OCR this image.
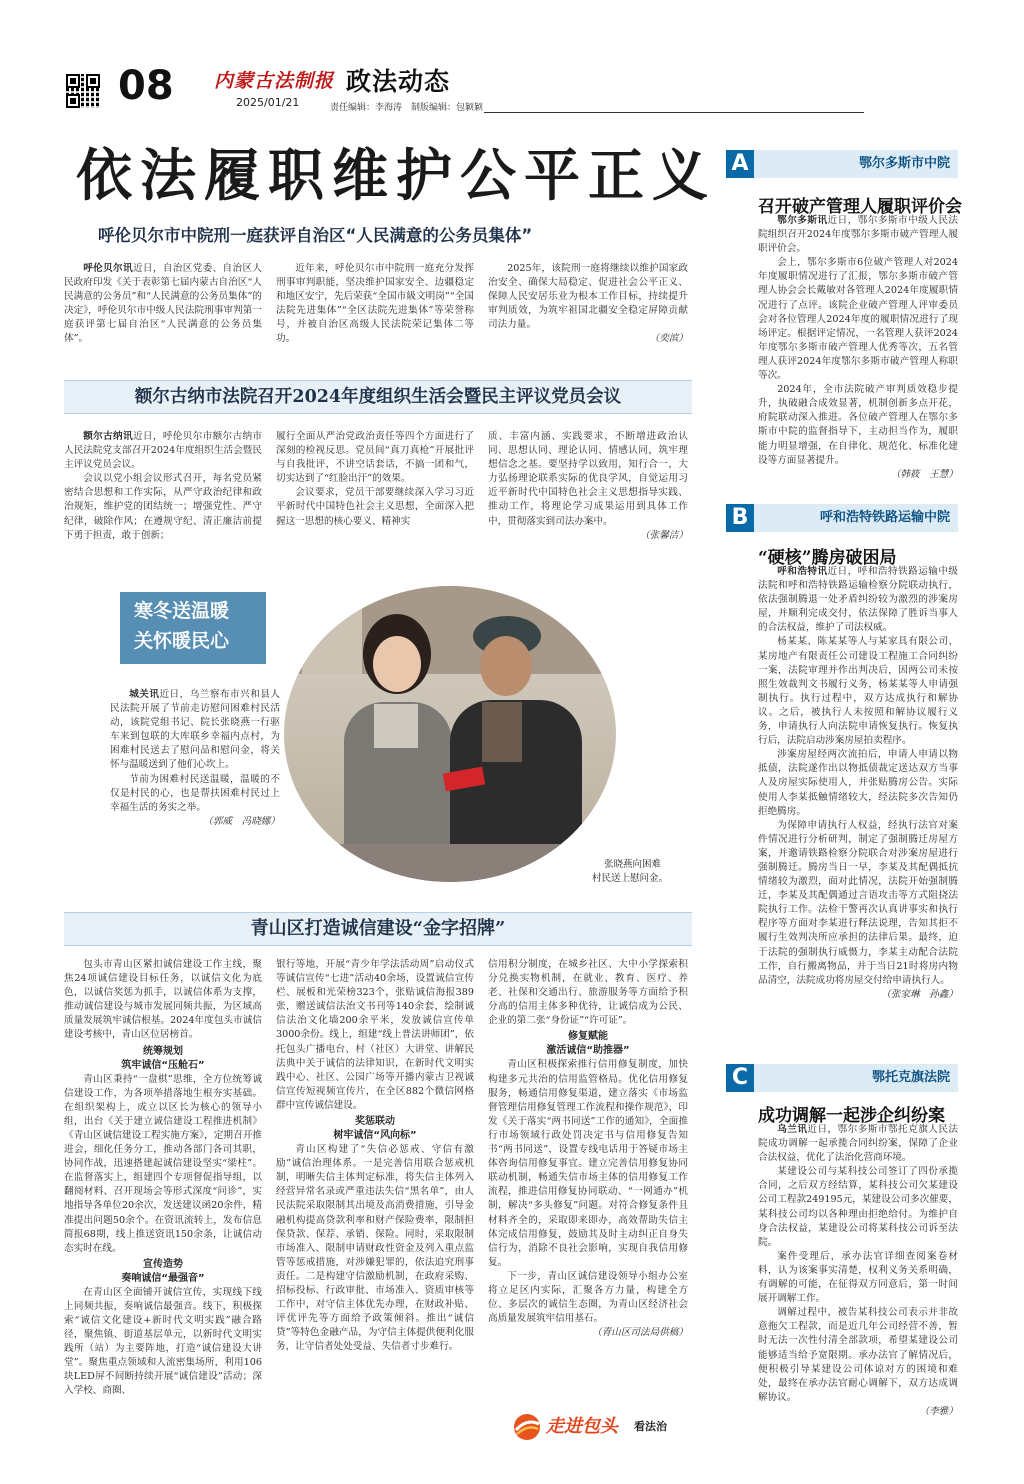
08 内蒙古法制报
2025/01/21
政法动态
责任编辑：李海涛　制版编辑：包颖颖
依法履职维护公平正义
呼伦贝尔市中院刑一庭获评自治区“人民满意的公务员集体”

呼伦贝尔讯近日，自治区党委、自治区人民政府印发《关于表彰第七届内蒙古自治区“人民满意的公务员”和“人民满意的公务员集体”的决定》，呼伦贝尔市中级人民法院刑事审判第一庭获评第七届自治区“人民满意的公务员集体”。

近年来，呼伦贝尔市中院刑一庭充分发挥刑事审判职能，坚决维护国家安全、边疆稳定和地区安宁，先后荣获“全国市級文明岗”“全国法院先进集体”“全区法院先进集体”等荣誉称号，并被自治区高级人民法院荣记集体二等功。

2025年，该院刑一庭将继续以维护国家政治安全、确保大局稳定、促进社会公平正义、保障人民安居乐业为根本工作目标，持续提升审判质效，为筑牢祖国北疆安全稳定屏障贡献司法力量。

（奕滨）
额尔古纳市法院召开2024年度组织生活会暨民主评议党员会议

额尔古纳讯近日，呼伦贝尔市额尔古纳市人民法院党支部召开2024年度组织生活会暨民主评议党员会议。

会议以党小组会议形式召开，每名党员紧密结合思想和工作实际，从严守政治纪律和政治规矩，维护党的团结统一；增强党性、严守纪律，破除作风；在遵规守纪、清正廉洁前提下勇于担责，敢于创新；

履行全面从严治党政治责任等四个方面进行了深刻的检视反思。党员间“真刀真枪”开展批评与自我批评，不讲空话套话，不搞一团和气，切实达到了“红脸出汗”的效果。

会议要求，党员干部要继续深入学习习近平新时代中国特色社会主义思想，全面深入把握这一思想的核心要义、精神实

质、丰富内涵、实践要求，不断增进政治认同、思想认同、理论认同、情感认同，筑牢理想信念之基。要坚持学以致用，知行合一，大力弘扬理论联系实际的优良学风，自觉运用习近平新时代中国特色社会主义思想指导实践、推动工作，将理论学习成果运用到具体工作中，贯彻落实到司法办案中。

（张馨洁）
寒冬送温暖
关怀暖民心

城关讯近日，乌兰察布市兴和县人民法院开展了节前走访慰问困难村民活动，该院党组书记、院长张晓燕一行驱车来到包联的大库联乡幸福内点村，为困难村民送去了慰问品和慰问金，将关怀与温暖送到了他们心坎上。

节前为困难村民送温暖，温暖的不仅是村民的心，也是帮扶困难村民过上幸福生活的务实之举。

（郭威　冯晓娜）
张晓燕向困难
村民送上慰问金。
青山区打造诚信建设“金字招牌”

包头市青山区紧扣诚信建设工作主线，聚焦24项诚信建设目标任务，以诚信文化为底色，以诚信奖惩为抓手，以诚信体系为支撑，推动诚信建设与城市发展同频共振，为区域高质量发展筑牢诚信根基。2024年度包头市诚信建设考核中，青山区位居榜首。

统筹规划
筑牢诚信“压舱石”

青山区秉持“一盘棋”思维，全方位统筹诚信建设工作，为各项举措落地生根夯实基础。在组织架构上，成立以区长为核心的领导小组，出台《关于建立诚信建设工程推进机制》《青山区诚信建设工程实施方案》，定期召开推进会，细化任务分工，推动各部门各司其职，协同作战，迅速搭建起诚信建设坚实“梁柱”。在监督落实上，组建四个专项督促指导组，以翻阅材料、召开现场会等形式深度“问诊”，实地指导各单位20余次，发送建议函20余件，精准提出问题50余个。在资讯流转上，发布信息简报68期，线上推送资讯150余条，让诚信动态实时在线。

宣传造势
奏响诚信“最强音”

在青山区全面铺开诚信宣传，实现线下线上同频共振，奏响诚信最强音。线下，积极探索“诚信文化建设+新时代文明实践”融合路径，聚焦镇、街道基层单元，以新时代文明实践所（站）为主要阵地，打造“诚信建设大讲堂”。聚焦重点领域和人流密集场所，利用106块LED屏不间断持续开展“诚信建设”活动；深入学校、商圈、

银行等地，开展“青少年学法活动周”启动仪式等诚信宣传“七进”活动40余场，设置诚信宣传栏、展板和光荣榜323个，张贴诚信海报389张，赠送诚信法治文书刊等140余套，绘制诚信法治文化墙200余平米，发放诚信宣传单3000余份。线上，组建“线上普法讲师团”，依托包头广播电台、村（社区）大讲堂、讲解民法典中关于诚信的法律知识，在新时代文明实践中心、社区、公园广场等开播内蒙古卫视诚信宣传短视频宣传片，在全区882个微信网格群中宣传诚信建设。

奖惩联动
树牢诚信“风向标”

青山区构建了“失信必惩戒、守信有激励”诚信治理体系。一是完善信用联合惩戒机制，明晰失信主体判定标准，将失信主体列入经营异常名录或严重违法失信“黑名单”，由人民法院采取限制其出境及高消费措施，引导金融机构提高贷款利率和财产保险费率，限制担保贷款、保荐、承销、保险。同时，采取限制市场准入、限制申请财政性资金及列入重点监管等惩戒措施，对涉嫌犯罪的，依法追究刑事责任。二是构建守信激励机制，在政府采购、招标投标、行政审批、市场准入、资质审核等工作中，对守信主体优先办理，在财政补贴、评优评先等方面给予政策倾斜。推出“诚信贷”等特色金融产品，为守信主体提供便利化服务，让守信者处处受益、失信者寸步难行。

信用积分制度，在城乡社区、大中小学探索积分兑换实物机制，在就业、教育、医疗、养老、社保和交通出行、旅游服务等方面给予积分高的信用主体多种优待，让诚信成为公民、企业的第二张“身份证”“许可证”。

修复赋能
激活诚信“助推器”

青山区积极探索推行信用修复制度，加快构建多元共治的信用监管格局。优化信用修复服务，畅通信用修复渠道，建立落实《市场监督管理信用修复管理工作流程和操作规范》，印发《关于落实“两书同送”工作的通知》，全面推行市场领域行政处罚决定书与信用修复告知书“两书同送”，设置专线电话用于答疑市场主体咨询信用修复事宜。建立完善信用修复协同联动机制，畅通失信市场主体的信用修复工作流程，推进信用修复协同联动、“一网通办”机制，解决“多头修复”问题。对符合修复条件且材料齐全的，采取即来即办，高效帮助失信主体完成信用修复，鼓励其及时主动纠正自身失信行为，消除不良社会影响，实现自我信用修复。

下一步，青山区诚信建设领导小组办公室将立足区内实际，汇聚各方力量，构建全方位、多层次的诚信生态圈，为青山区经济社会高质量发展筑牢信用基石。

（青山区司法局供稿）
走进包头 看法治
A	鄂尔多斯市中院
召开破产管理人履职评价会

鄂尔多斯讯近日，鄂尔多斯市中级人民法院组织召开2024年度鄂尔多斯市破产管理人履职评价会。

会上，鄂尔多斯市6位破产管理人对2024年度履职情况进行了汇报，鄂尔多斯市破产管理人协会会长戴敏对各管理人2024年度履职情况进行了点评。该院企业破产管理人评审委员会对各位管理人2024年度的履职情况进行了现场评定。根据评定情况，一名管理人获评2024年度鄂尔多斯市破产管理人优秀等次，五名管理人获评2024年度鄂尔多斯市破产管理人称职等次。

2024年，全市法院破产审判质效稳步提升，执破融合成效显著，机制创新多点开花，府院联动深入推进。各位破产管理人在鄂尔多斯市中院的监督指导下，主动担当作为，履职能力明显增强，在自律化、规范化、标准化建设等方面显著提升。

（韩筱　王慧）
B	呼和浩特铁路运输中院
“硬核”腾房破困局

呼和浩特讯近日，呼和浩特铁路运输中级法院和呼和浩特铁路运输检察分院联动执行，依法强制腾退一处矛盾纠纷较为激烈的涉案房屋，并顺利完成交付，依法保障了胜诉当事人的合法权益，维护了司法权威。

杨某某、陈某某等人与某家具有限公司、某房地产有限责任公司建设工程施工合同纠纷一案，法院审理并作出判决后，因两公司未按照生效裁判文书履行义务，杨某某等人申请强制执行。执行过程中，双方达成执行和解协议。之后，被执行人未按照和解协议履行义务，申请执行人向法院申请恢复执行。恢复执行后，法院启动涉案房屋拍卖程序。

涉案房屋经两次流拍后，申请人申请以物抵债，法院遂作出以物抵债裁定送达双方当事人及房屋实际使用人，并张贴腾房公告。实际使用人李某抵触情绪较大，经法院多次告知仍拒绝腾房。

为保障申请执行人权益，经执行法官对案件情况进行分析研判，制定了强制腾迁房屋方案，并邀请铁路检察分院联合对涉案房屋进行强制腾迁。腾房当日一早，李某及其配偶抵抗情绪较为激烈，面对此情况，法院开始强制腾迁，李某及其配偶通过言语攻击等方式阻挠法院执行工作。法检干警再次认真讲事实和执行程序等方面对李某进行释法说理，告知其拒不履行生效判决所应承担的法律后果。最终，迫于法院的强制执行威慑力，李某主动配合法院工作，自行搬离物品，并于当日21时将房内物品清空，法院成功将房屋交付给申请执行人。

（张家琳　孙鑫）
C	鄂托克旗法院
成功调解一起涉企纠纷案

乌兰讯近日，鄂尔多斯市鄂托克旗人民法院成功调解一起承揽合同纠纷案，保障了企业合法权益，优化了法治化营商环境。

某建设公司与某科技公司签订了四份承揽合同，之后双方经结算，某科技公司欠某建设公司工程款249195元，某建设公司多次催要，某科技公司均以各种理由拒绝给付。为维护自身合法权益，某建设公司将某科技公司诉至法院。

案件受理后，承办法官详细查阅案卷材料，认为该案事实清楚，权利义务关系明确，有调解的可能，在征得双方同意后，第一时间展开调解工作。

调解过程中，被告某科技公司表示并非故意拖欠工程款，而是近几年公司经营不善，暂时无法一次性付清全部款项，希望某建设公司能够适当给予宽限期。承办法官了解情况后，便积极引导某建设公司体谅对方的困境和难处，最终在承办法官耐心调解下，双方达成调解协议。

（李雅）
